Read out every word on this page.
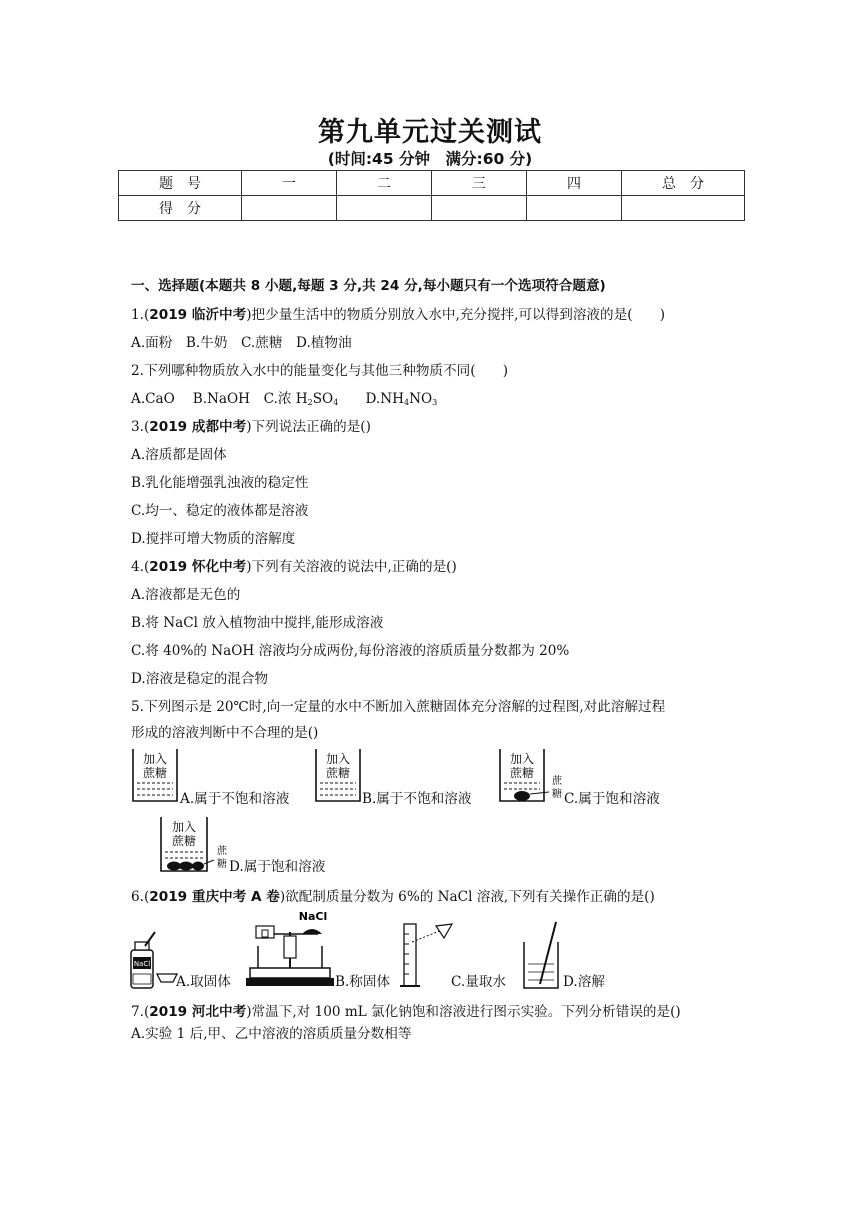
第九单元过关测试
(时间:45 分钟　满分:60 分)
题　号	一	二	三	四	总　分
得　分					
一、选择题(本题共 8 小题,每题 3 分,共 24 分,每小题只有一个选项符合题意)
1.(2019 临沂中考)把少量生活中的物质分别放入水中,充分搅拌,可以得到溶液的是(　　)
A.面粉　B.牛奶　C.蔗糖　D.植物油
2.下列哪种物质放入水中的能量变化与其他三种物质不同(　　)
A.CaO　 B.NaOH　 C.浓 $H_2SO_4$　　 $D.NH_4NO_3$
3.(2019 成都中考)下列说法正确的是()
A.溶质都是固体
B.乳化能增强乳浊液的稳定性
C.均一、稳定的液体都是溶液
D.搅拌可增大物质的溶解度
4.(2019 怀化中考)下列有关溶液的说法中,正确的是()
A.溶液都是无色的
B.将 NaCl 放入植物油中搅拌,能形成溶液
C.将 40%的 NaOH 溶液均分成两份,每份溶液的溶质质量分数都为 20%
D.溶液是稳定的混合物
5.下列图示是 20℃时,向一定量的水中不断加入蔗糖固体充分溶解的过程图,对此溶解过程
形成的溶液判断中不合理的是()
加入
蔗糖
A.属于不饱和溶液
加入
蔗糖
B.属于不饱和溶液
加入
蔗糖
蔗
糖 C.属于饱和溶液
加入
蔗糖
蔗
糖 D.属于饱和溶液
6.(2019 重庆中考 A 卷)欲配制质量分数为 6%的 NaCl 溶液,下列有关操作正确的是()
NaCl
A.取固体
NaCl
B.称固体	C.量取水	D.溶解
7.(2019 河北中考)常温下,对 100 mL 氯化钠饱和溶液进行图示实验。下列分析错误的是()
A.实验 1 后,甲、乙中溶液的溶质质量分数相等
